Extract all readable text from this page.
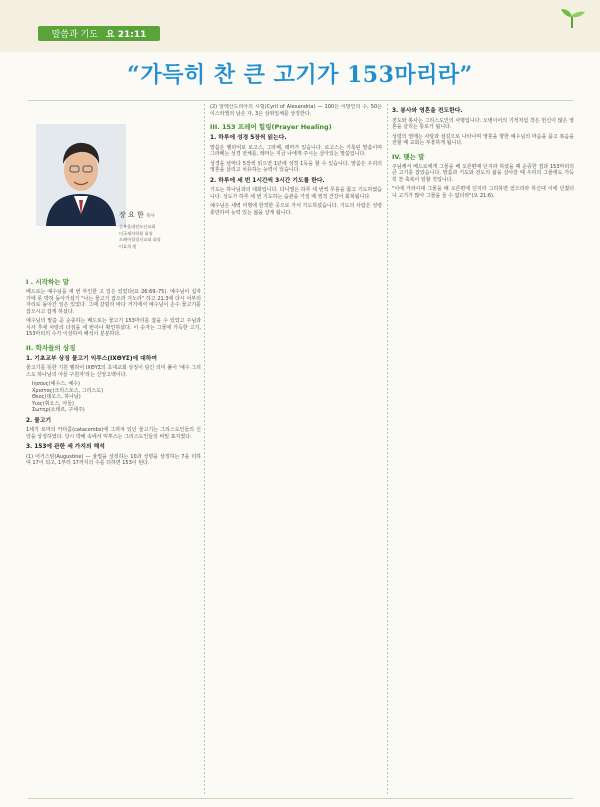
말씀과 기도 요 21:11
“가득히 찬 큰 고기가 153마리라”
I . 시작하는 말

베드로는 예수님을 세 번 부인한 고 일은 있었다(요 26:69–75). 예수님이 십자가에 못 박혀 돌아가셨기 "나는 물고기 잡으러 가노라" 하고 21:3에 다시 어부의 자리로 돌아간 일은 있었다. 그때 갈릴리 바다 거기에서 예수님이 손수 물고기를 잡으시고 잡게 하셨다.

예수님의 말씀 곧 순종하는 베드로는 물고기 153마리를 잡을 수 있었고 주님과 식사 후에 사랑의 다짐을 세 번이나 확인하셨다. 이 숫자는 그물에 가득한 고기, 153마리의 수가 이상하여 해석이 분분하다.

II. 학자들의 상징
1. 기초교부 상징 물고기 익투스(ΙΧΘΥΣ)에 대하여

물고기를 뜻한 기원 헬라어 ΙΧΘΥΣ의 초대교회 상징이 담긴 의미 풀이 '예수 그리스도 하나님의 아들 구원자'라는 신앙고백이다.

Ιησους(예수스, 예수)
Χριστος(크리스토스, 그리스도)
Θεος(데오스, 하나님)
Υιος(휘오스, 아들)
Σωτηρ(소테르, 구세주)
2. 물고기

1세기 로마의 카타콤(catacombs)에 그려져 있던 물고기는 그리스도인들의 신앙을 상징하였다. 당시 박해 속에서 익투스는 그리스도인들의 비밀 표지였다.

3. 153에 관한 세 가지의 해석

(1) 어거스틴(Augustine) — 율법을 상징하는 10과 성령을 상징하는 7을 더하여 17이 되고, 1부터 17까지의 수를 더하면 153이 된다.

장 요 한 목사
순복음대전도산교회
미국제자학원 회장
프레어힐링선교회 회장
이효희 원

(2) 알렉산드리아의 시릴(Cyril of Alexandria) — 100은 이방인의 수, 50은 이스라엘의 남은 자, 3은 삼위일체를 상징한다.

III. 153 프레어 힐링(Prayer Healing)
1. 하루에 성경 5장씩 읽는다.

말씀은 헬라어로 로고스, 그라페, 레마가 있습니다. 로고스는 기록된 말씀이며 그라페는 성경 전체를, 레마는 지금 나에게 주시는 살아있는 말씀입니다.

성경을 날마다 5장씩 읽으면 1년에 성경 1독을 할 수 있습니다. 말씀은 우리의 영혼을 살리고 치유하는 능력이 있습니다.

2. 하루에 세 번 1시간씩 3시간 기도를 한다.

기도는 하나님과의 대화입니다. 다니엘은 하루 세 번씩 무릎을 꿇고 기도하였습니다. 성도가 하루 세 번 기도하는 습관을 가질 때 영적 건강이 회복됩니다.

예수님은 새벽 미명에 한적한 곳으로 가서 기도하셨습니다. 기도의 사람은 성령 충만하여 능력 있는 삶을 살게 됩니다.

3. 봉사와 영혼을 전도한다.

전도와 봉사는 그리스도인의 사명입니다. 오병이어의 기적처럼 작은 헌신이 많은 영혼을 살리는 통로가 됩니다.

성령의 열매는 사랑과 섬김으로 나타나며 영혼을 향한 예수님의 마음을 품고 복음을 전할 때 교회는 부흥하게 됩니다.

IV. 맺는 말

주님께서 베드로에게 그물을 배 오른편에 던지라 하셨을 때 순종한 결과 153마리의 큰 고기를 잡았습니다. 말씀과 기도와 전도의 삶을 살아갈 때 우리의 그물에도 가득히 찬 축복이 임할 것입니다.

"이에 가라사대 그물을 배 오른편에 던지라 그리하면 얻으리라 하신대 이에 던졌더니 고기가 많아 그물을 들 수 없더라"(요 21:6).
